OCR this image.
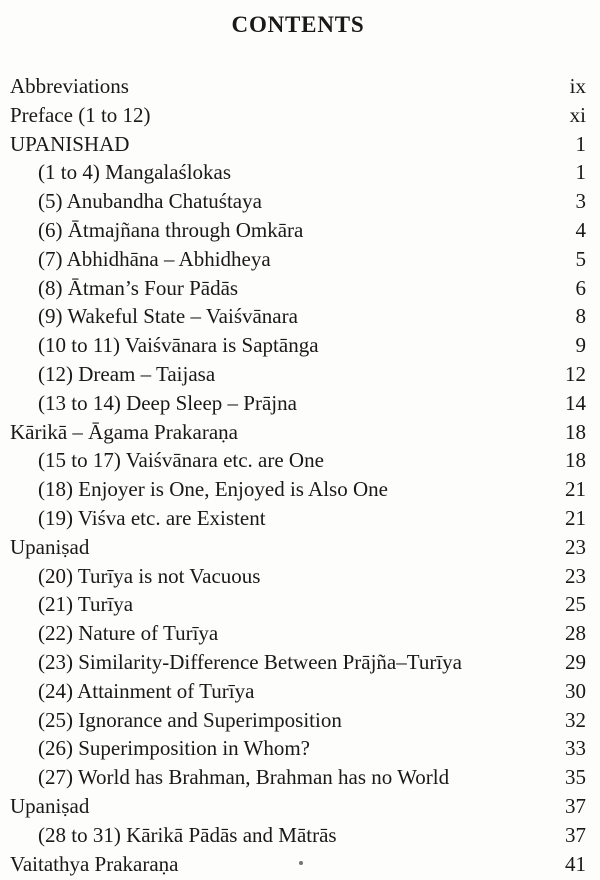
CONTENTS
Abbreviations	ix
Preface (1 to 12)	xi
UPANISHAD	1
(1 to 4) Mangalaślokas	1
(5) Anubandha Chatuśtaya	3
(6) Ātmajñana through Omkāra	4
(7) Abhidhāna – Abhidheya	5
(8) Ātman’s Four Pādās	6
(9) Wakeful State – Vaiśvānara	8
(10 to 11) Vaiśvānara is Saptānga	9
(12) Dream – Taijasa	12
(13 to 14) Deep Sleep – Prājna	14
Kārikā – Āgama Prakaraṇa	18
(15 to 17) Vaiśvānara etc. are One	18
(18) Enjoyer is One, Enjoyed is Also One	21
(19) Viśva etc. are Existent	21
Upaniṣad	23
(20) Turīya is not Vacuous	23
(21) Turīya	25
(22) Nature of Turīya	28
(23) Similarity-Difference Between Prājña–Turīya	29
(24) Attainment of Turīya	30
(25) Ignorance and Superimposition	32
(26) Superimposition in Whom?	33
(27) World has Brahman, Brahman has no World	35
Upaniṣad	37
(28 to 31) Kārikā Pādās and Mātrās	37
Vaitathya Prakaraṇa	41
